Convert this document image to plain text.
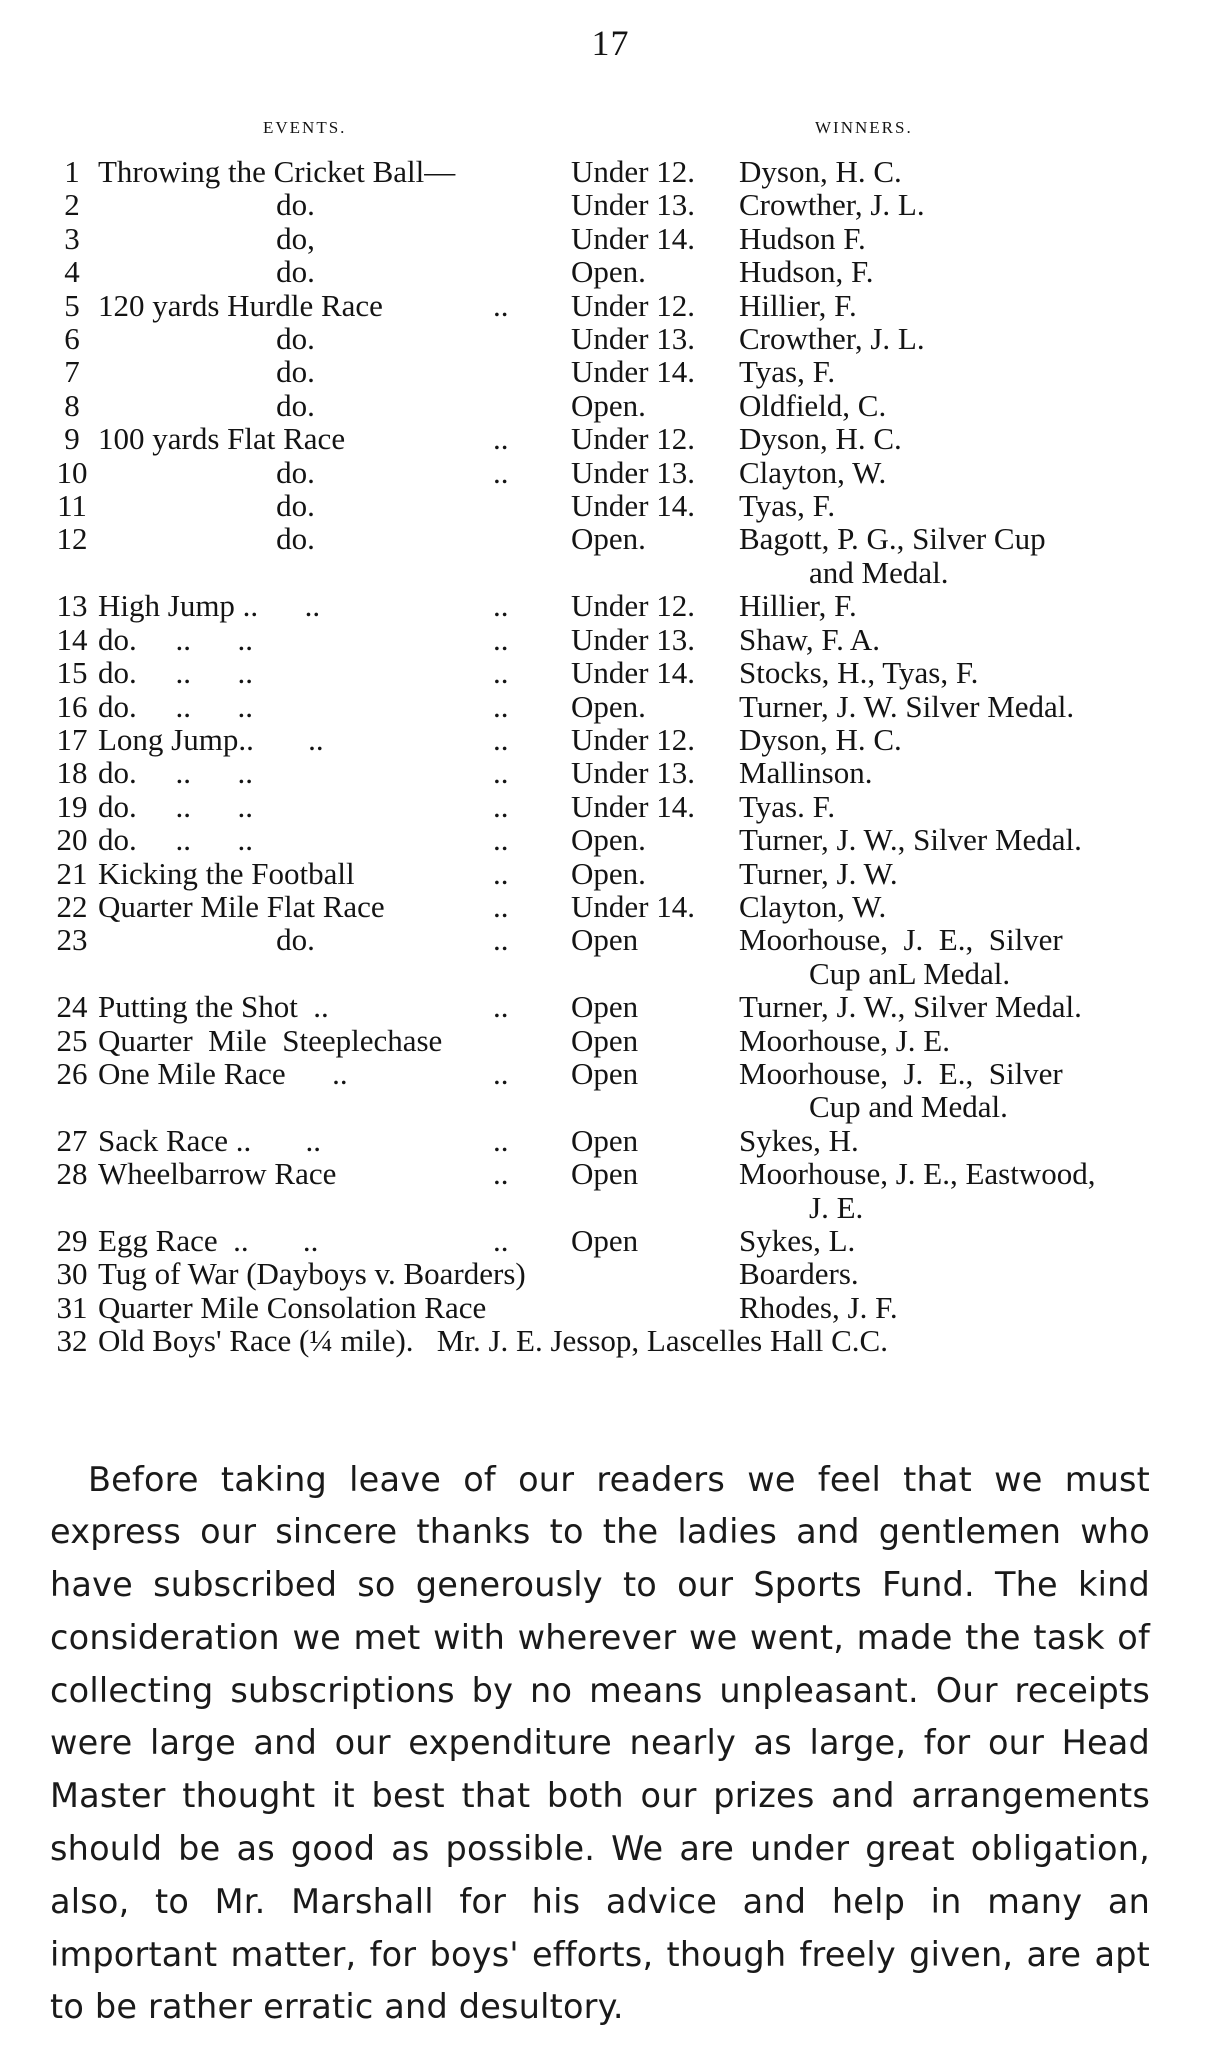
17
EVENTS.	WINNERS.
1 Throwing the Cricket Ball—	Under 12.	Dyson, H. C.
2	do.	Under 13.	Crowther, J. L.
3	do,	Under 14.	Hudson F.
4	do.	Open.	Hudson, F.
5 120 yards Hurdle Race	..	Under 12.	Hillier, F.
6	do.	Under 13.	Crowther, J. L.
7	do.	Under 14.	Tyas, F.
8	do.	Open.	Oldfield, C.
9 100 yards Flat Race	..	Under 12.	Dyson, H. C.
10	do.	..	Under 13.	Clayton, W.
11	do.	Under 14.	Tyas, F.
12	do.	Open.	Bagott, P. G., Silver Cup
and Medal.
13 High Jump ..      ..	..	Under 12.	Hillier, F.
14 do.     ..      ..	..	Under 13.	Shaw, F. A.
15 do.     ..      ..	..	Under 14.	Stocks, H., Tyas, F.
16 do.     ..      ..	..	Open.	Turner, J. W. Silver Medal.
17 Long Jump..       ..	..	Under 12.	Dyson, H. C.
18 do.     ..      ..	..	Under 13.	Mallinson.
19 do.     ..      ..	..	Under 14.	Tyas. F.
20 do.     ..      ..	..	Open.	Turner, J. W., Silver Medal.
21 Kicking the Football	..	Open.	Turner, J. W.
22 Quarter Mile Flat Race	..	Under 14.	Clayton, W.
23	do.	..	Open	Moorhouse,  J.  E.,  Silver
Cup anL Medal.
24 Putting the Shot  ..	..	Open	Turner, J. W., Silver Medal.
25 Quarter  Mile  Steeplechase	Open	Moorhouse, J. E.
26 One Mile Race      ..	..	Open	Moorhouse,  J.  E.,  Silver
Cup and Medal.
27 Sack Race ..       ..	..	Open	Sykes, H.
28 Wheelbarrow Race	..	Open	Moorhouse, J. E., Eastwood,
J. E.
29 Egg Race  ..       ..	..	Open	Sykes, L.
30 Tug of War (Dayboys v. Boarders)	Boarders.
31 Quarter Mile Consolation Race	Rhodes, J. F.
32 Old Boys' Race (¼ mile).   Mr. J. E. Jessop, Lascelles Hall C.C.

Before taking leave of our readers we feel that we must express our sincere thanks to the ladies and gentlemen who have subscribed so generously to our Sports Fund. The kind consideration we met with wherever we went, made the task of collecting subscriptions by no means unpleasant. Our receipts were large and our expenditure nearly as large, for our Head Master thought it best that both our prizes and arrangements should be as good as possible. We are under great obligation, also, to Mr. Marshall for his advice and help in many an important matter, for boys' efforts, though freely given, are apt to be rather erratic and desultory.
